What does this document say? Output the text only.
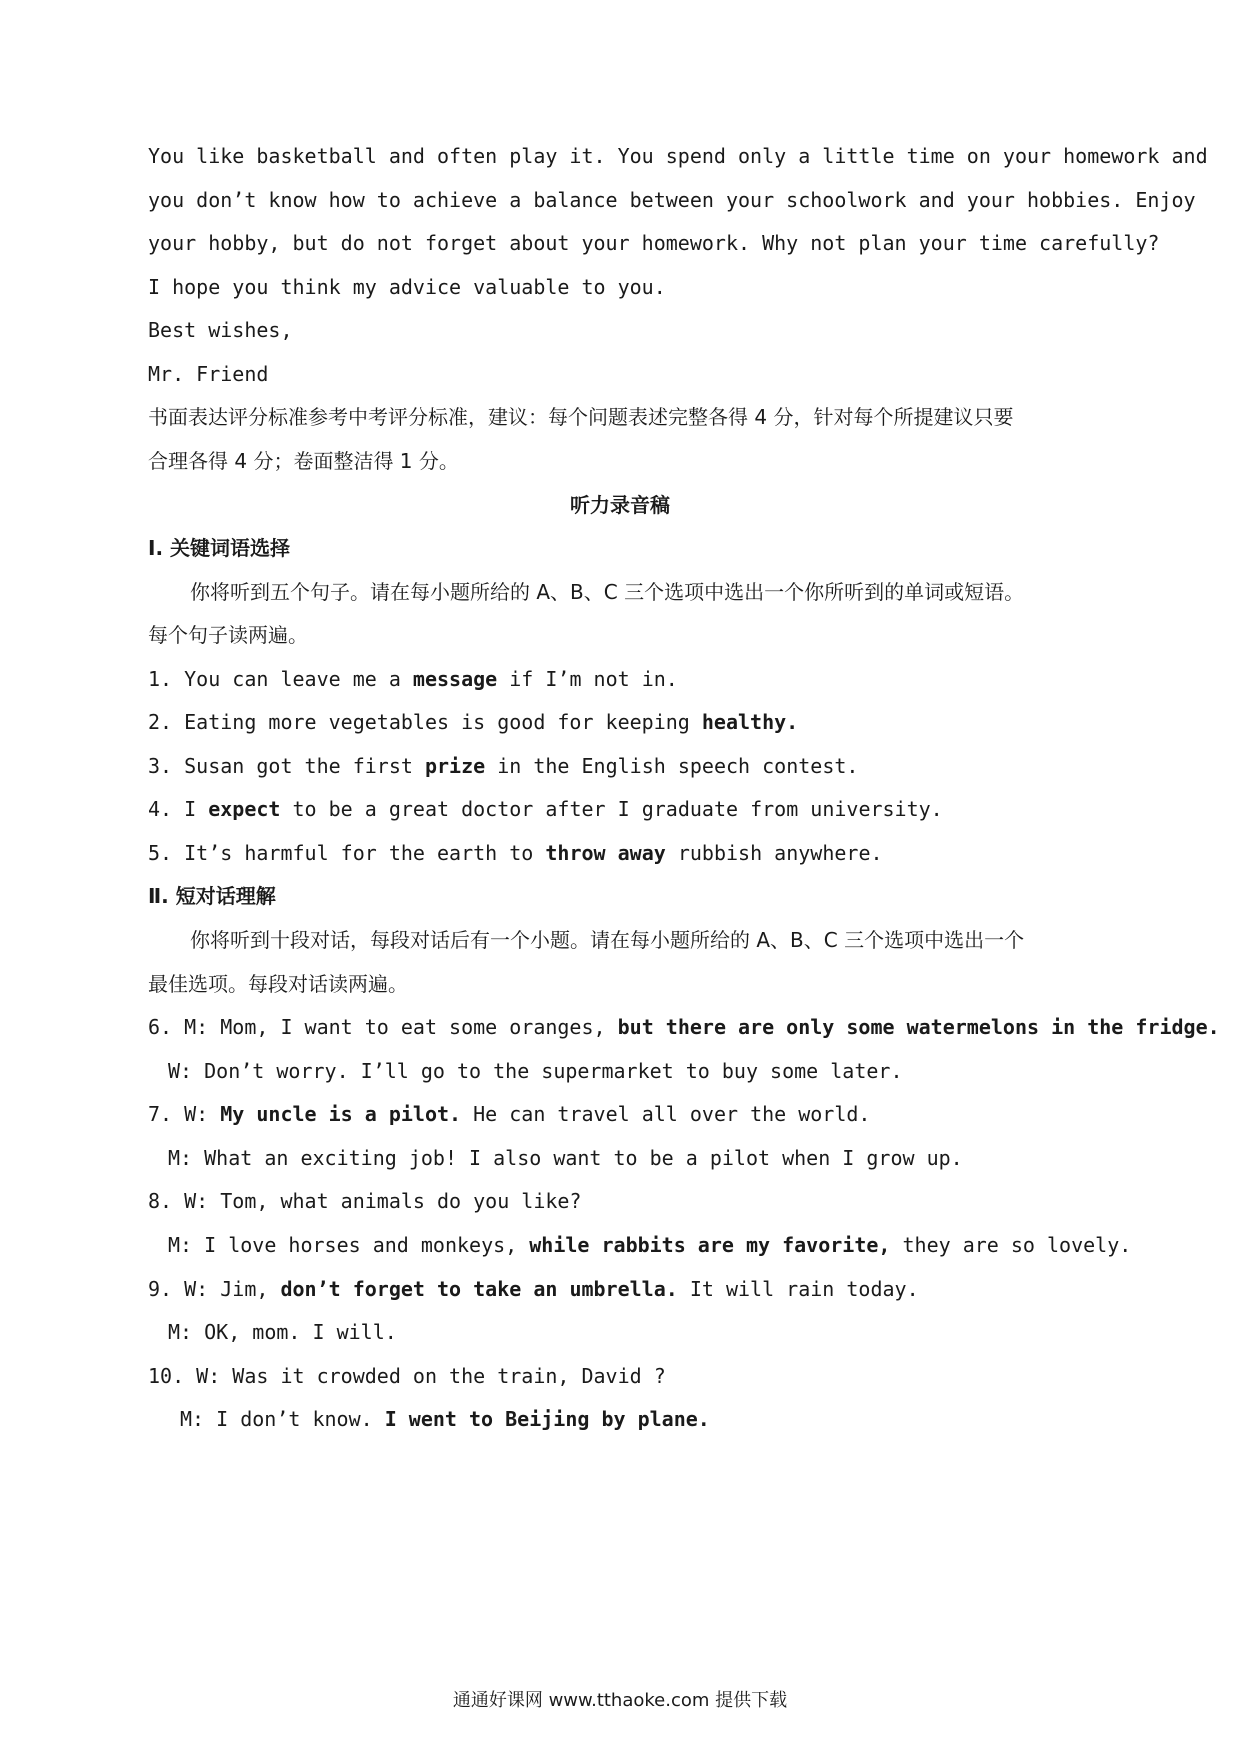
You like basketball and often play it. You spend only a little time on your homework and
you don’t know how to achieve a balance between your schoolwork and your hobbies. Enjoy
your hobby, but do not forget about your homework. Why not plan your time carefully?
I hope you think my advice valuable to you.
Best wishes,
Mr. Friend
书面表达评分标准参考中考评分标准，建议：每个问题表述完整各得 4 分，针对每个所提建议只要
合理各得 4 分；卷面整洁得 1 分。
听力录音稿
Ⅰ. 关键词语选择
你将听到五个句子。请在每小题所给的 A、B、C 三个选项中选出一个你所听到的单词或短语。
每个句子读两遍。
1. You can leave me a message if I’m not in.
2. Eating more vegetables is good for keeping healthy.
3. Susan got the first prize in the English speech contest.
4. I expect to be a great doctor after I graduate from university.
5. It’s harmful for the earth to throw away rubbish anywhere.
Ⅱ. 短对话理解
你将听到十段对话，每段对话后有一个小题。请在每小题所给的 A、B、C 三个选项中选出一个
最佳选项。每段对话读两遍。
6. M: Mom, I want to eat some oranges, but there are only some watermelons in the fridge.
W: Don’t worry. I’ll go to the supermarket to buy some later.
7. W: My uncle is a pilot. He can travel all over the world.
M: What an exciting job! I also want to be a pilot when I grow up.
8. W: Tom, what animals do you like?
M: I love horses and monkeys, while rabbits are my favorite, they are so lovely.
9. W: Jim, don’t forget to take an umbrella. It will rain today.
M: OK, mom. I will.
10. W: Was it crowded on the train, David ?
M: I don’t know. I went to Beijing by plane.
通通好课网 www.tthaoke.com 提供下载
